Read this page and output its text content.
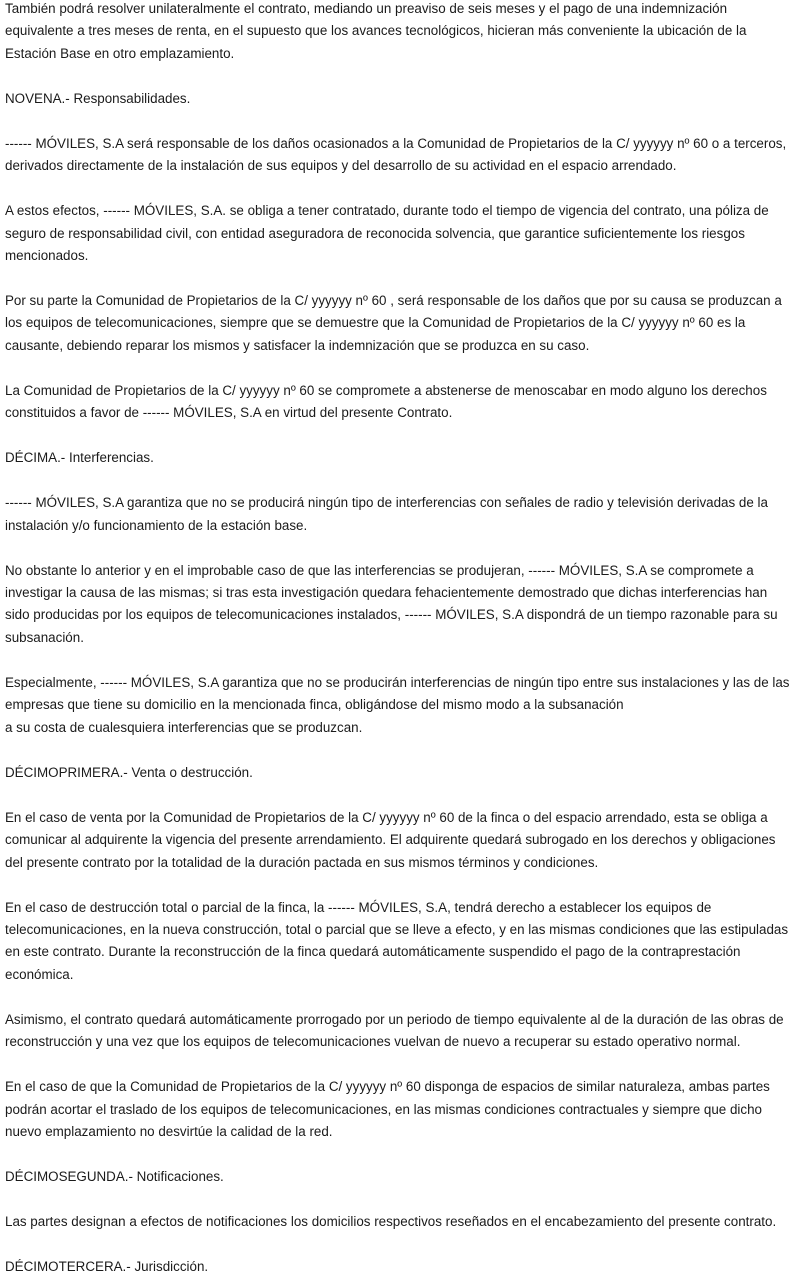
También podrá resolver unilateralmente el contrato, mediando un preaviso de seis meses y el pago de una indemnización
equivalente a tres meses de renta, en el supuesto que los avances tecnológicos, hicieran más conveniente la ubicación de la
Estación Base en otro emplazamiento.

NOVENA.- Responsabilidades.

------ MÓVILES, S.A será responsable de los daños ocasionados a la Comunidad de Propietarios de la C/ yyyyyy nº 60 o a terceros,
derivados directamente de la instalación de sus equipos y del desarrollo de su actividad en el espacio arrendado.

A estos efectos, ------ MÓVILES, S.A. se obliga a tener contratado, durante todo el tiempo de vigencia del contrato, una póliza de
seguro de responsabilidad civil, con entidad aseguradora de reconocida solvencia, que garantice suficientemente los riesgos
mencionados.

Por su parte la Comunidad de Propietarios de la C/ yyyyyy nº 60 , será responsable de los daños que por su causa se produzcan a
los equipos de telecomunicaciones, siempre que se demuestre que la Comunidad de Propietarios de la C/ yyyyyy nº 60 es la
causante, debiendo reparar los mismos y satisfacer la indemnización que se produzca en su caso.

La Comunidad de Propietarios de la C/ yyyyyy nº 60 se compromete a abstenerse de menoscabar en modo alguno los derechos
constituidos a favor de ------ MÓVILES, S.A en virtud del presente Contrato.

DÉCIMA.- Interferencias.

------ MÓVILES, S.A garantiza que no se producirá ningún tipo de interferencias con señales de radio y televisión derivadas de la
instalación y/o funcionamiento de la estación base.

No obstante lo anterior y en el improbable caso de que las interferencias se produjeran, ------ MÓVILES, S.A se compromete a
investigar la causa de las mismas; si tras esta investigación quedara fehacientemente demostrado que dichas interferencias han
sido producidas por los equipos de telecomunicaciones instalados, ------ MÓVILES, S.A dispondrá de un tiempo razonable para su
subsanación.

Especialmente, ------ MÓVILES, S.A garantiza que no se producirán interferencias de ningún tipo entre sus instalaciones y las de las
empresas que tiene su domicilio en la mencionada finca, obligándose del mismo modo a la subsanación
a su costa de cualesquiera interferencias que se produzcan.

DÉCIMOPRIMERA.- Venta o destrucción.

En el caso de venta por la Comunidad de Propietarios de la C/ yyyyyy nº 60 de la finca o del espacio arrendado, esta se obliga a
comunicar al adquirente la vigencia del presente arrendamiento. El adquirente quedará subrogado en los derechos y obligaciones
del presente contrato por la totalidad de la duración pactada en sus mismos términos y condiciones.

En el caso de destrucción total o parcial de la finca, la ------ MÓVILES, S.A, tendrá derecho a establecer los equipos de
telecomunicaciones, en la nueva construcción, total o parcial que se lleve a efecto, y en las mismas condiciones que las estipuladas
en este contrato. Durante la reconstrucción de la finca quedará automáticamente suspendido el pago de la contraprestación
económica.

Asimismo, el contrato quedará automáticamente prorrogado por un periodo de tiempo equivalente al de la duración de las obras de
reconstrucción y una vez que los equipos de telecomunicaciones vuelvan de nuevo a recuperar su estado operativo normal.

En el caso de que la Comunidad de Propietarios de la C/ yyyyyy nº 60 disponga de espacios de similar naturaleza, ambas partes
podrán acortar el traslado de los equipos de telecomunicaciones, en las mismas condiciones contractuales y siempre que dicho
nuevo emplazamiento no desvirtúe la calidad de la red.

DÉCIMOSEGUNDA.- Notificaciones.

Las partes designan a efectos de notificaciones los domicilios respectivos reseñados en el encabezamiento del presente contrato.

DÉCIMOTERCERA.- Jurisdicción.
